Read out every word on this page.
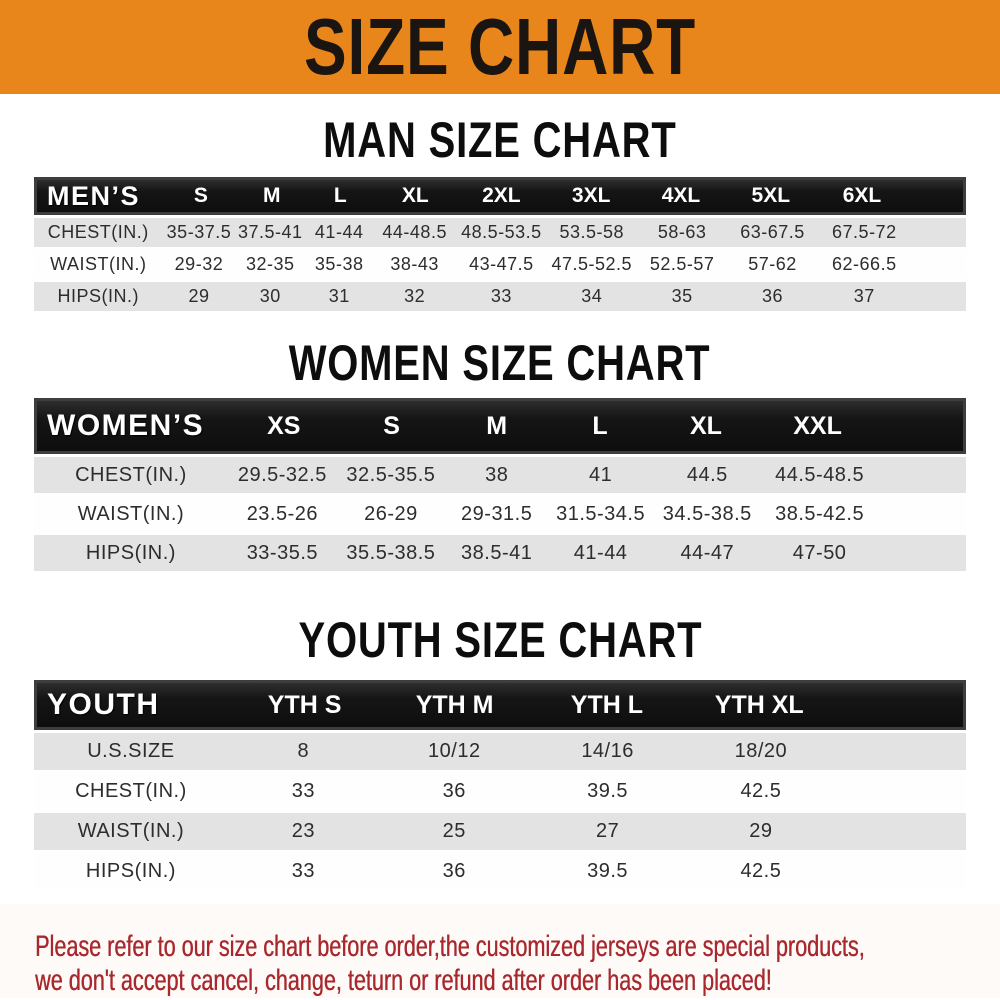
SIZE CHART
MAN SIZE CHART
MEN’S	S	M	L	XL	2XL	3XL	4XL	5XL	6XL
CHEST(IN.) 35-37.5 37.5-41 41-44	44-48.5 48.5-53.5 53.5-58	58-63	63-67.5	67.5-72
WAIST(IN.)	29-32	32-35	35-38	38-43	43-47.5 47.5-52.5 52.5-57	57-62	62-66.5
HIPS(IN.)	29	30	31	32	33	34	35	36	37
WOMEN SIZE CHART
WOMEN’S	XS	S	M	L	XL	XXL
CHEST(IN.)	29.5-32.5 32.5-35.5	38	41	44.5	44.5-48.5
WAIST(IN.)	23.5-26	26-29	29-31.5	31.5-34.5 34.5-38.5	38.5-42.5
HIPS(IN.)	33-35.5	35.5-38.5	38.5-41	41-44	44-47	47-50
YOUTH SIZE CHART
YOUTH	YTH S	YTH M	YTH L	YTH XL
U.S.SIZE	8	10/12	14/16	18/20
CHEST(IN.)	33	36	39.5	42.5
WAIST(IN.)	23	25	27	29
HIPS(IN.)	33	36	39.5	42.5
Please refer to our size chart before order,the customized jerseys are special products,
we don't accept cancel, change, teturn or refund after order has been placed!
